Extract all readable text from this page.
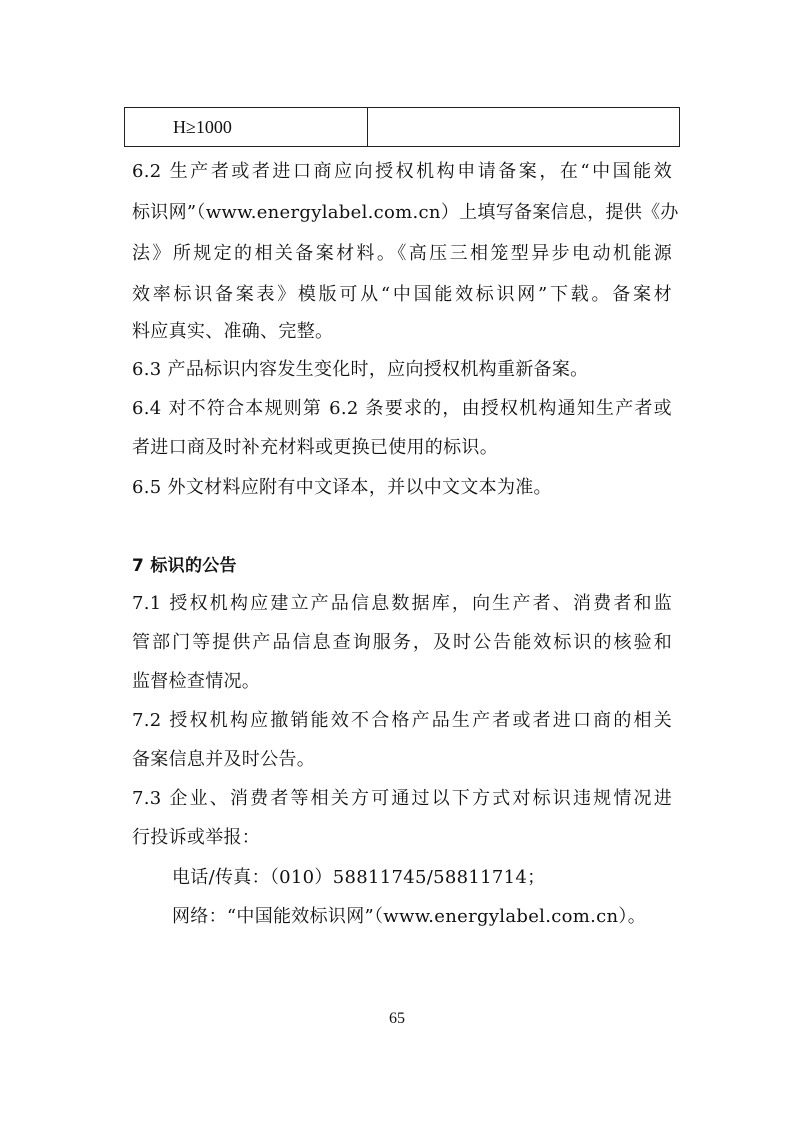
H≥1000
6.2 生产者或者进口商应向授权机构申请备案，在“中国能效
标识网”（www.energylabel.com.cn）上填写备案信息，提供《办
法》所规定的相关备案材料。《高压三相笼型异步电动机能源
效率标识备案表》模版可从“中国能效标识网”下载。备案材
料应真实、准确、完整。
6.3 产品标识内容发生变化时，应向授权机构重新备案。
6.4 对不符合本规则第 6.2 条要求的，由授权机构通知生产者或
者进口商及时补充材料或更换已使用的标识。
6.5 外文材料应附有中文译本，并以中文文本为准。
7 标识的公告
7.1 授权机构应建立产品信息数据库，向生产者、消费者和监
管部门等提供产品信息查询服务，及时公告能效标识的核验和
监督检查情况。
7.2 授权机构应撤销能效不合格产品生产者或者进口商的相关
备案信息并及时公告。
7.3 企业、消费者等相关方可通过以下方式对标识违规情况进
行投诉或举报：
电话/传真：（010）58811745/58811714；
网络：“中国能效标识网”（www.energylabel.com.cn）。
65
